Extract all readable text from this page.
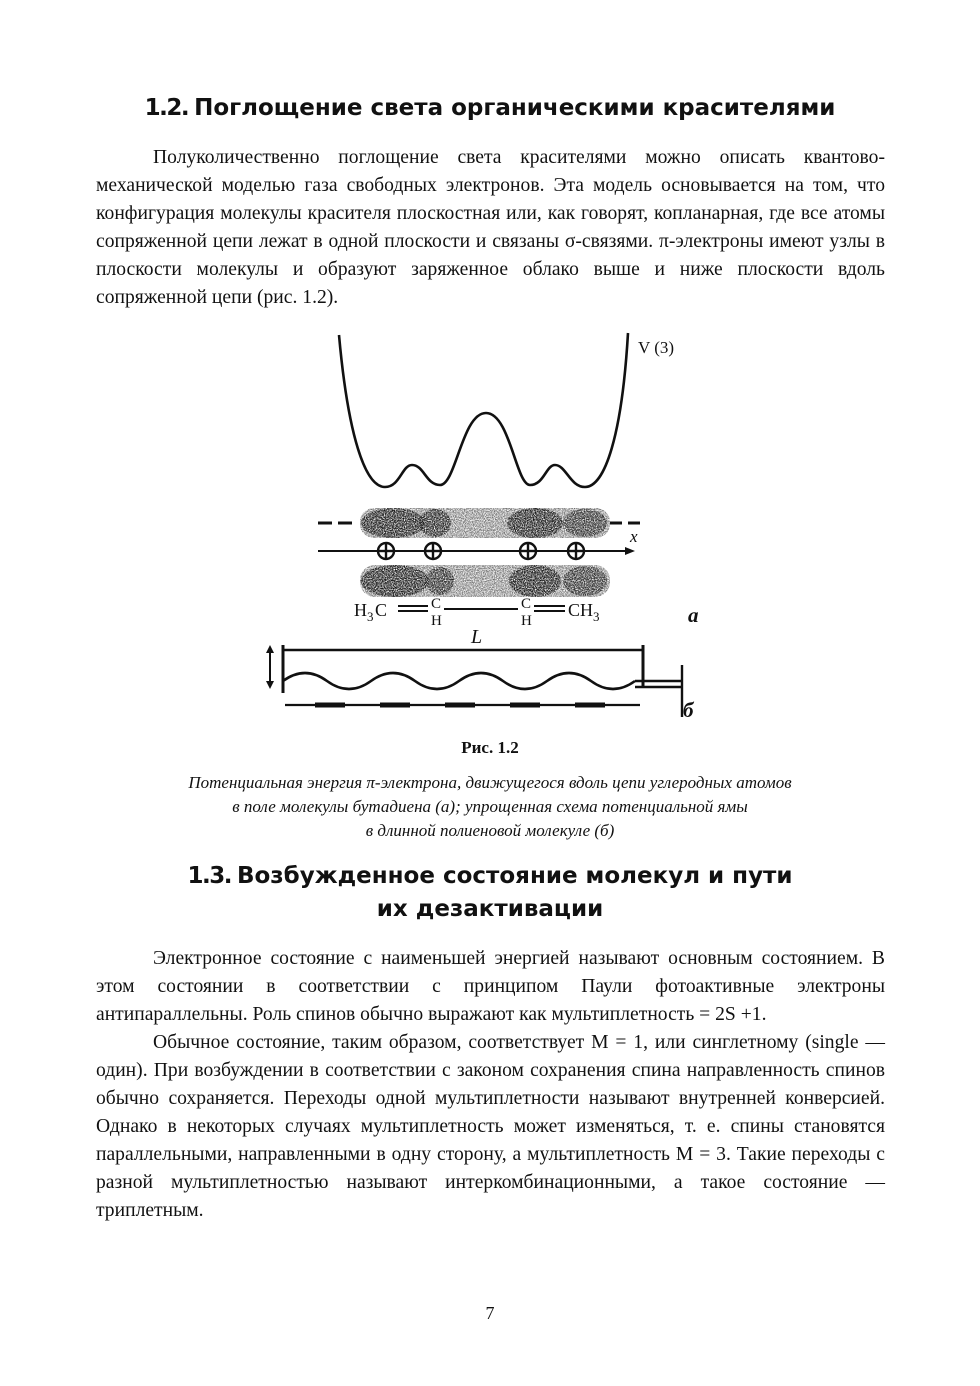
1.2. Поглощение света органическими красителями

Полуколичественно поглощение света красителями можно описать квантово-механической моделью газа свободных электронов. Эта модель основывается на том, что конфигурация молекулы красителя плоскостная или, как говорят, копланарная, где все атомы сопряженной цепи лежат в одной плоскости и связаны σ-связями. π-электроны имеют узлы в плоскости молекулы и образуют заряженное облако выше и ниже плоскости вдоль сопряженной цепи (рис. 1.2).

V (3)
x
H 3 C	C
H
C
H
CH 3	а
L
б
Рис. 1.2
Потенциальная энергия π-электрона, движущегося вдоль цепи углеродных атомов
в поле молекулы бутадиена (а); упрощенная схема потенциальной ямы
в длинной полиеновой молекуле (б)
1.3. Возбужденное состояние молекул и пути
их дезактивации

Электронное состояние с наименьшей энергией называют основным состоянием. В этом состоянии в соответствии с принципом Паули фотоактивные электроны антипараллельны. Роль спинов обычно выражают как мультиплетность = 2S +1.

Обычное состояние, таким образом, соответствует M = 1, или синглетному (single — один). При возбуждении в соответствии с законом сохранения спина направленность спинов обычно сохраняется. Переходы одной мультиплетности называют внутренней конверсией. Однако в некоторых случаях мультиплетность может изменяться, т. е. спины становятся параллельными, направленными в одну сторону, а мультиплетность M = 3. Такие переходы с разной мультиплетностью называют интеркомбинационными, а такое состояние — триплетным.

7
